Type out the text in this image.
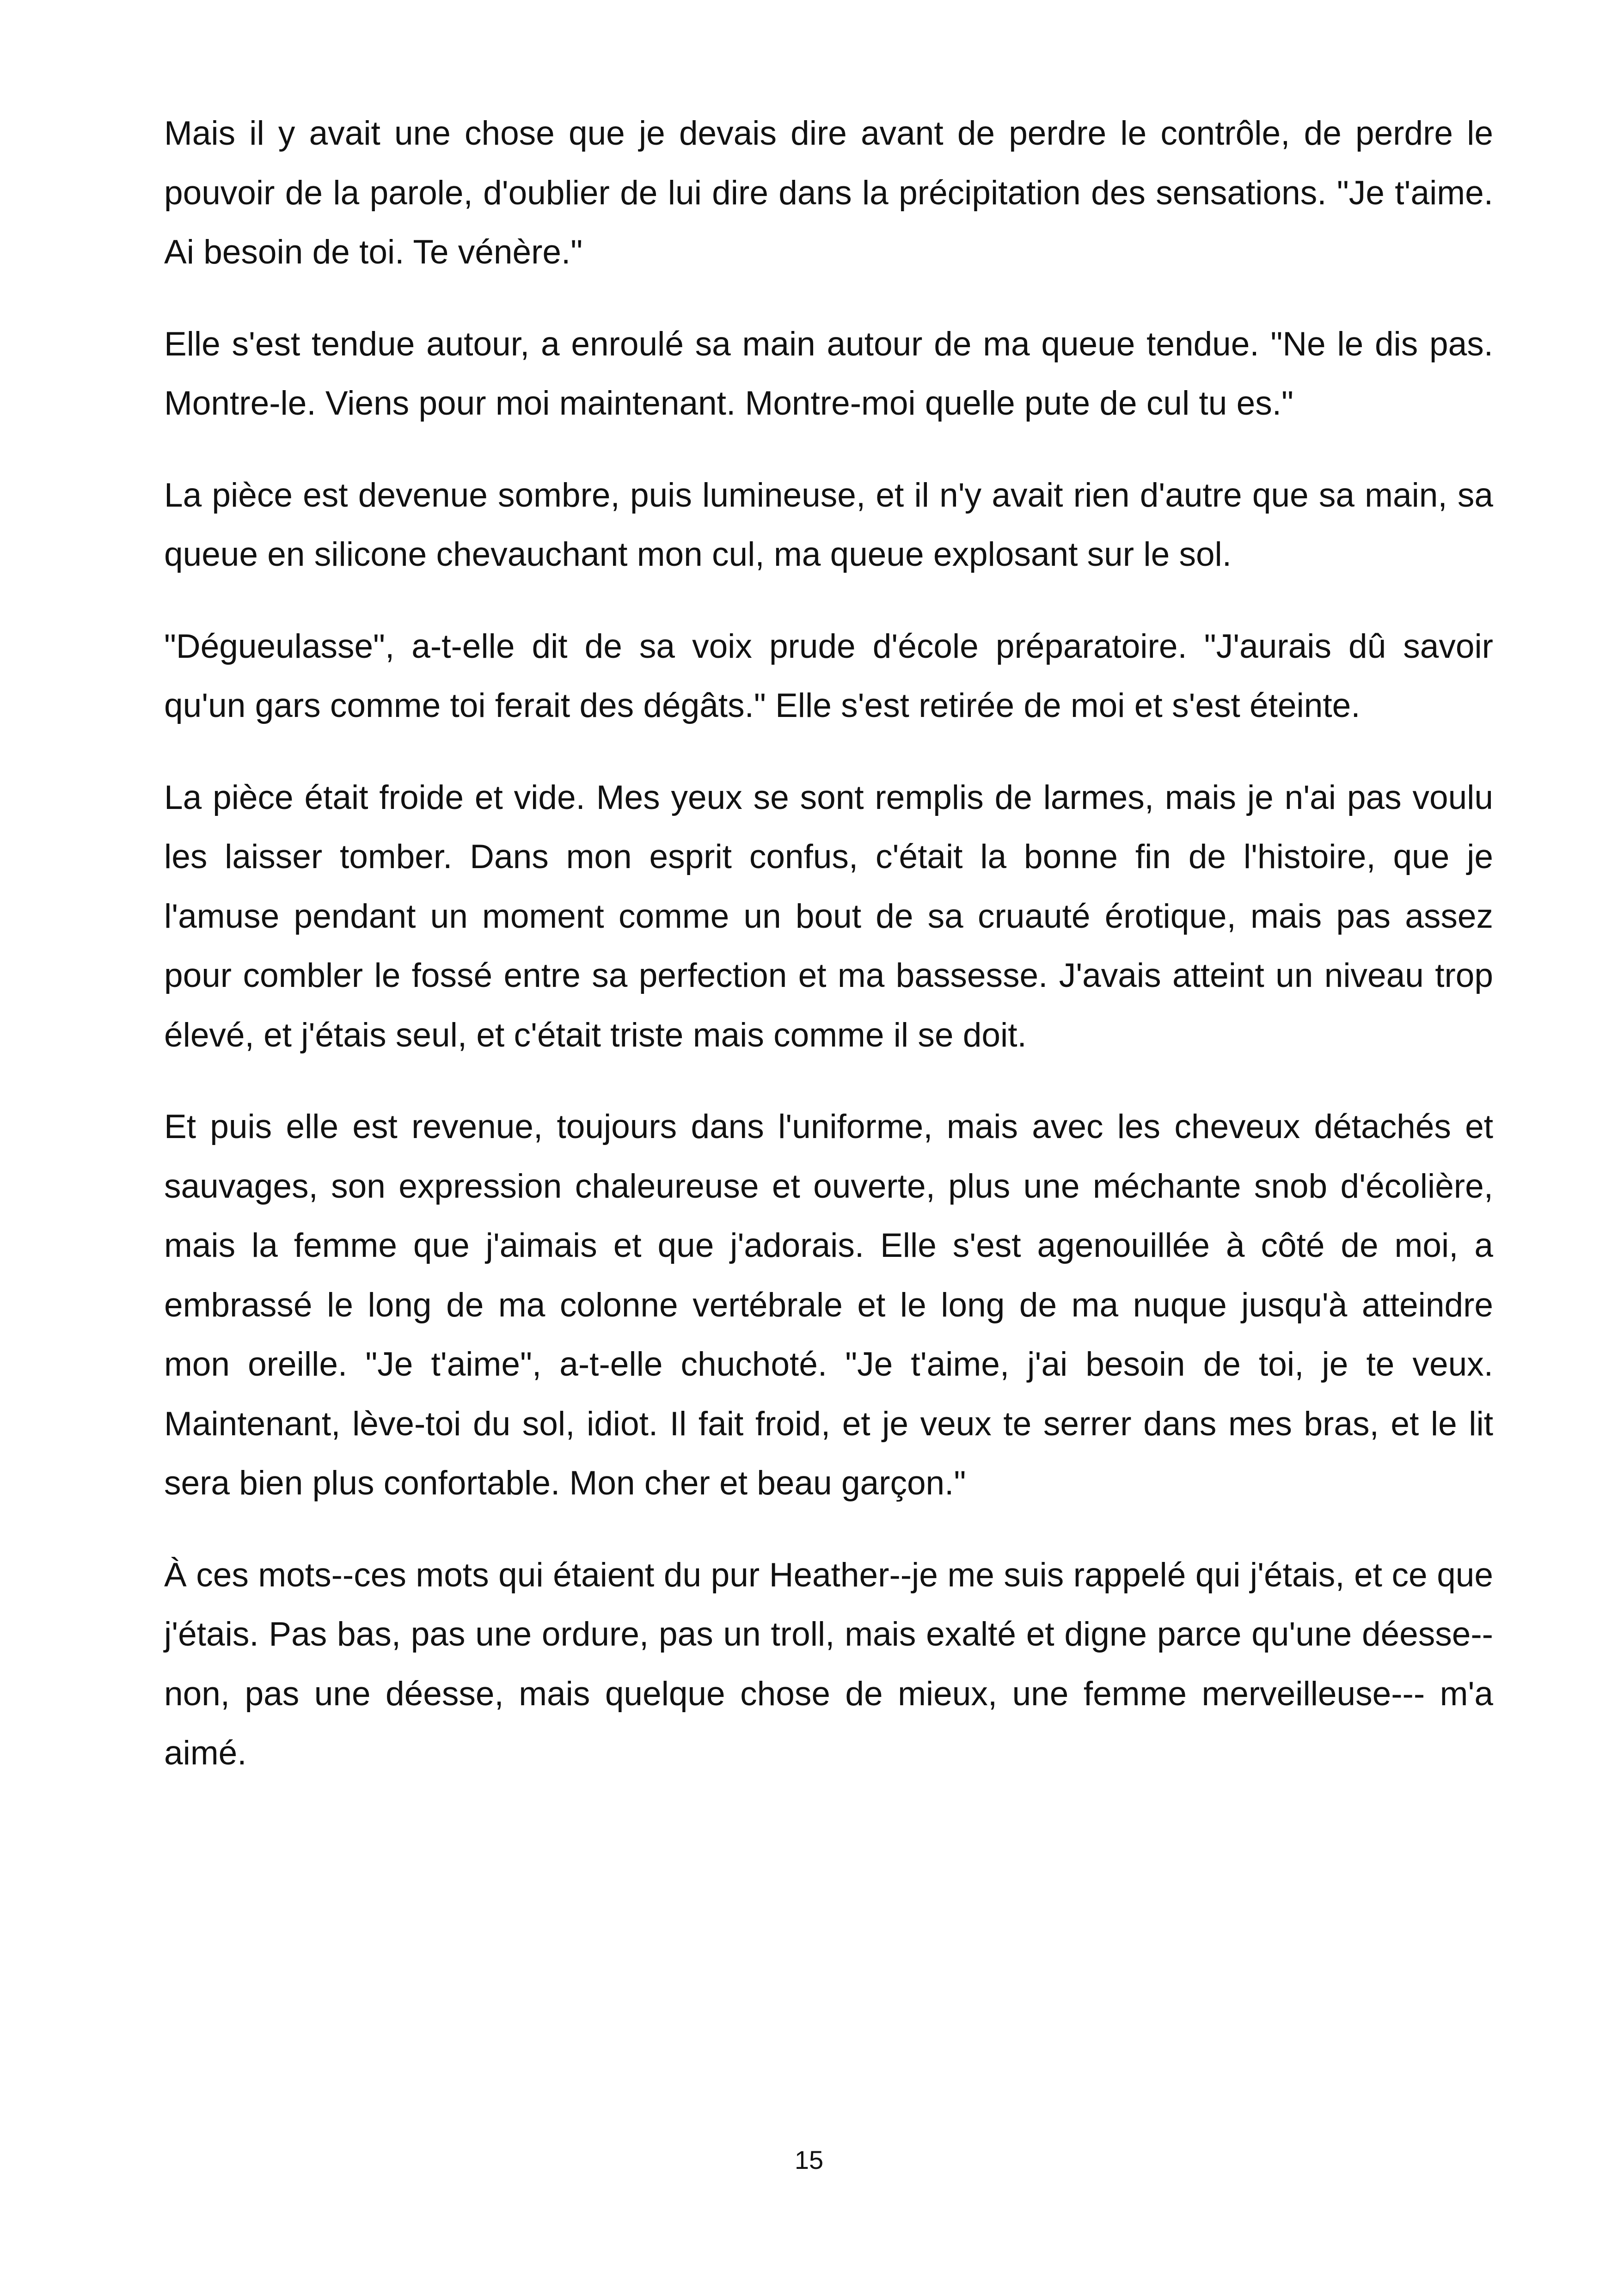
Mais il y avait une chose que je devais dire avant de perdre le contrôle, de perdre le pouvoir de la parole, d'oublier de lui dire dans la précipitation des sensations. "Je t'aime. Ai besoin de toi. Te vénère."

Elle s'est tendue autour, a enroulé sa main autour de ma queue tendue. "Ne le dis pas. Montre-le. Viens pour moi maintenant. Montre-moi quelle pute de cul tu es."

La pièce est devenue sombre, puis lumineuse, et il n'y avait rien d'autre que sa main, sa queue en silicone chevauchant mon cul, ma queue explosant sur le sol.

"Dégueulasse", a-t-elle dit de sa voix prude d'école préparatoire. "J'aurais dû savoir qu'un gars comme toi ferait des dégâts." Elle s'est retirée de moi et s'est éteinte.

La pièce était froide et vide. Mes yeux se sont remplis de larmes, mais je n'ai pas voulu les laisser tomber. Dans mon esprit confus, c'était la bonne fin de l'histoire, que je l'amuse pendant un moment comme un bout de sa cruauté érotique, mais pas assez pour combler le fossé entre sa perfection et ma bassesse. J'avais atteint un niveau trop élevé, et j'étais seul, et c'était triste mais comme il se doit.

Et puis elle est revenue, toujours dans l'uniforme, mais avec les cheveux détachés et sauvages, son expression chaleureuse et ouverte, plus une méchante snob d'écolière, mais la femme que j'aimais et que j'adorais. Elle s'est agenouillée à côté de moi, a embrassé le long de ma colonne vertébrale et le long de ma nuque jusqu'à atteindre mon oreille. "Je t'aime", a-t-elle chuchoté. "Je t'aime, j'ai besoin de toi, je te veux. Maintenant, lève-toi du sol, idiot. Il fait froid, et je veux te serrer dans mes bras, et le lit sera bien plus confortable. Mon cher et beau garçon."

À ces mots--ces mots qui étaient du pur Heather--je me suis rappelé qui j'étais, et ce que j'étais. Pas bas, pas une ordure, pas un troll, mais exalté et digne parce qu'une déesse--non, pas une déesse, mais quelque chose de mieux, une femme merveilleuse--- m'a aimé.

15
